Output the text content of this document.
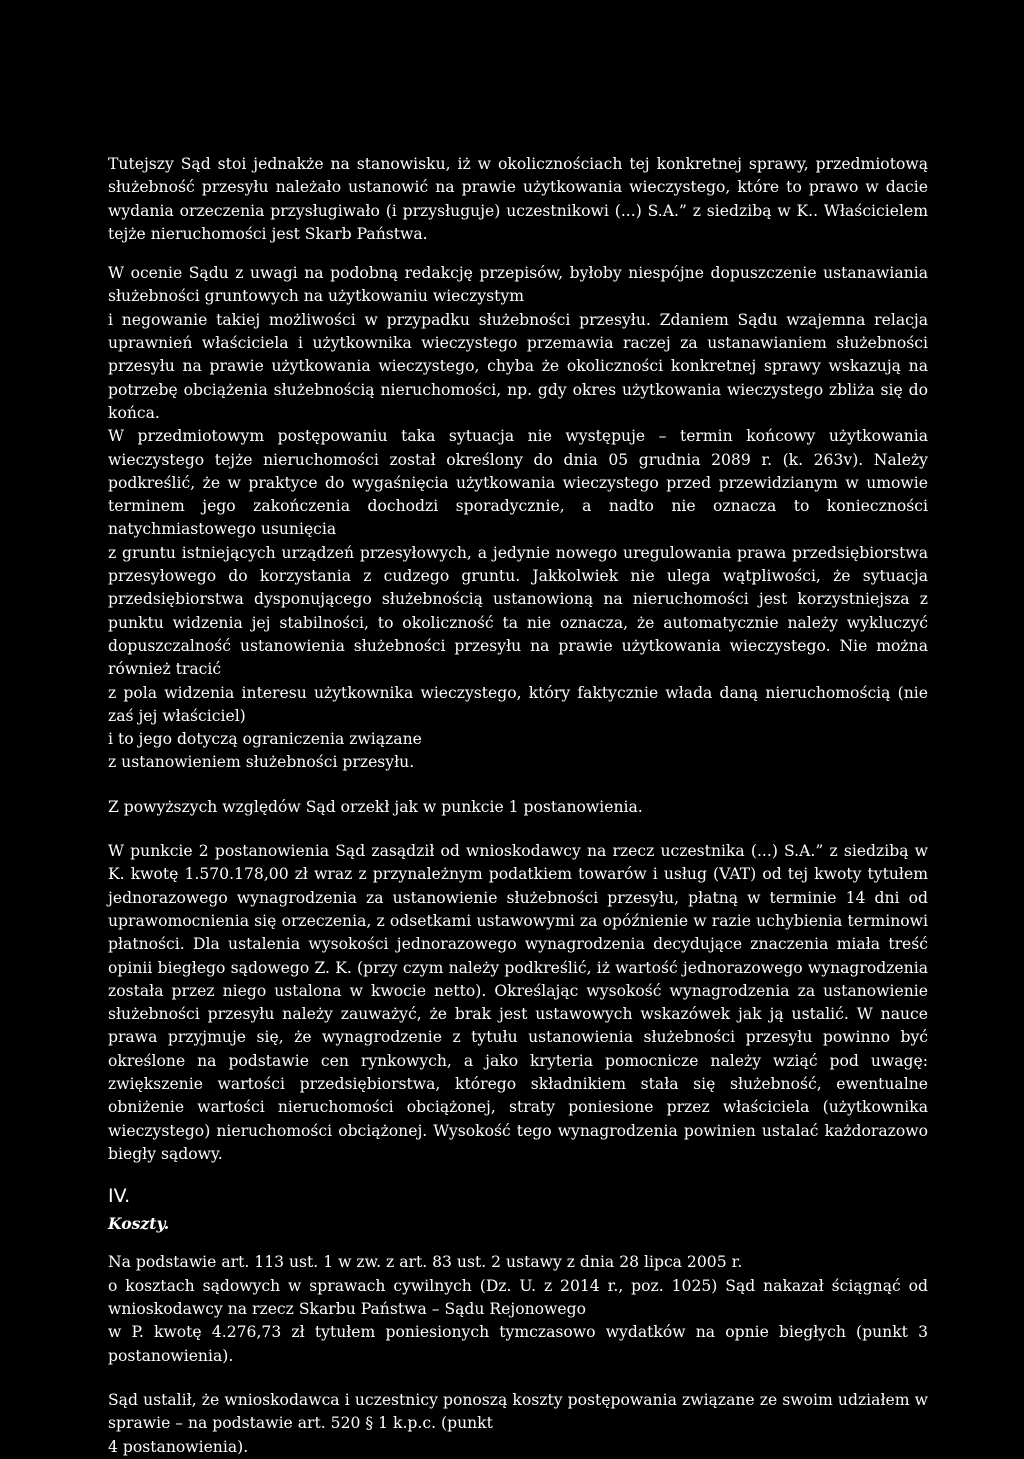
Tutejszy Sąd stoi jednakże na stanowisku, iż w okolicznościach tej konkretnej sprawy, przedmiotową służebność przesyłu należało ustanowić na prawie użytkowania wieczystego, które to prawo w dacie wydania orzeczenia przysługiwało (i przysługuje) uczestnikowi (...) S.A.” z siedzibą w K.. Właścicielem tejże nieruchomości jest Skarb Państwa.
W ocenie Sądu z uwagi na podobną redakcję przepisów, byłoby niespójne dopuszczenie ustanawiania służebności gruntowych na użytkowaniu wieczystym
i negowanie takiej możliwości w przypadku służebności przesyłu. Zdaniem Sądu wzajemna relacja uprawnień właściciela i użytkownika wieczystego przemawia raczej za ustanawianiem służebności przesyłu na prawie użytkowania wieczystego, chyba że okoliczności konkretnej sprawy wskazują na potrzebę obciążenia służebnością nieruchomości, np. gdy okres użytkowania wieczystego zbliża się do końca.
W przedmiotowym postępowaniu taka sytuacja nie występuje – termin końcowy użytkowania wieczystego tejże nieruchomości został określony do dnia 05 grudnia 2089 r. (k. 263v). Należy podkreślić, że w praktyce do wygaśnięcia użytkowania wieczystego przed przewidzianym w umowie terminem jego zakończenia dochodzi sporadycznie, a nadto nie oznacza to konieczności natychmiastowego usunięcia
z gruntu istniejących urządzeń przesyłowych, a jedynie nowego uregulowania prawa przedsiębiorstwa przesyłowego do korzystania z cudzego gruntu. Jakkolwiek nie ulega wątpliwości, że sytuacja przedsiębiorstwa dysponującego służebnością ustanowioną na nieruchomości jest korzystniejsza z punktu widzenia jej stabilności, to okoliczność ta nie oznacza, że automatycznie należy wykluczyć dopuszczalność ustanowienia służebności przesyłu na prawie użytkowania wieczystego. Nie można również tracić
z pola widzenia interesu użytkownika wieczystego, który faktycznie włada daną nieruchomością (nie zaś jej właściciel)
i to jego dotyczą ograniczenia związane
z ustanowieniem służebności przesyłu.
Z powyższych względów Sąd orzekł jak w punkcie 1 postanowienia.
W punkcie 2 postanowienia Sąd zasądził od wnioskodawcy na rzecz uczestnika (...) S.A.” z siedzibą w K. kwotę 1.570.178,00 zł wraz z przynależnym podatkiem towarów i usług (VAT) od tej kwoty tytułem jednorazowego wynagrodzenia za ustanowienie służebności przesyłu, płatną w terminie 14 dni od uprawomocnienia się orzeczenia, z odsetkami ustawowymi za opóźnienie w razie uchybienia terminowi płatności. Dla ustalenia wysokości jednorazowego wynagrodzenia decydujące znaczenia miała treść opinii biegłego sądowego Z. K. (przy czym należy podkreślić, iż wartość jednorazowego wynagrodzenia została przez niego ustalona w kwocie netto). Określając wysokość wynagrodzenia za ustanowienie służebności przesyłu należy zauważyć, że brak jest ustawowych wskazówek jak ją ustalić. W nauce prawa przyjmuje się, że wynagrodzenie z tytułu ustanowienia służebności przesyłu powinno być określone na podstawie cen rynkowych, a jako kryteria pomocnicze należy wziąć pod uwagę: zwiększenie wartości przedsiębiorstwa, którego składnikiem stała się służebność, ewentualne obniżenie wartości nieruchomości obciążonej, straty poniesione przez właściciela (użytkownika wieczystego) nieruchomości obciążonej. Wysokość tego wynagrodzenia powinien ustalać każdorazowo biegły sądowy.
IV.
Koszty.
Na podstawie art. 113 ust. 1 w zw. z art. 83 ust. 2 ustawy z dnia 28 lipca 2005 r.
o kosztach sądowych w sprawach cywilnych (Dz. U. z 2014 r., poz. 1025) Sąd nakazał ściągnąć od wnioskodawcy na rzecz Skarbu Państwa – Sądu Rejonowego
w P. kwotę 4.276,73 zł tytułem poniesionych tymczasowo wydatków na opnie biegłych (punkt 3 postanowienia).
Sąd ustalił, że wnioskodawca i uczestnicy ponoszą koszty postępowania związane ze swoim udziałem w sprawie – na podstawie art. 520 § 1 k.p.c. (punkt
4 postanowienia).
